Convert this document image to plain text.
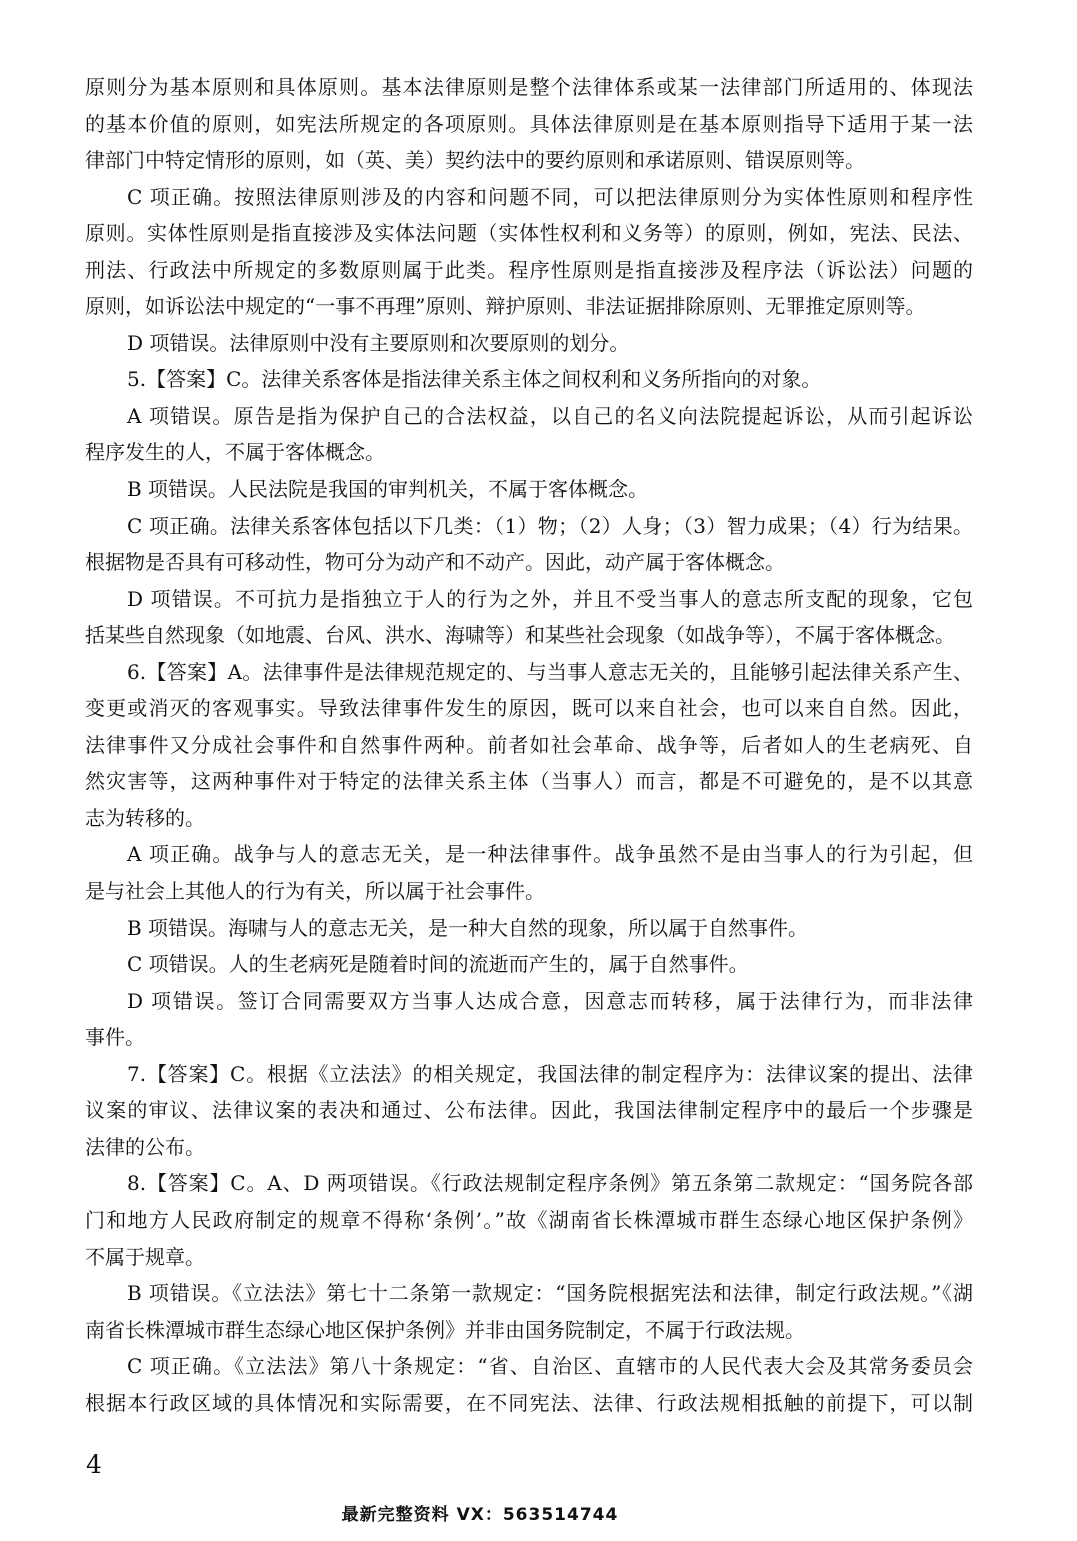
原则分为基本原则和具体原则。基本法律原则是整个法律体系或某一法律部门所适用的、体现法
的基本价值的原则，如宪法所规定的各项原则。具体法律原则是在基本原则指导下适用于某一法
律部门中特定情形的原则，如（英、美）契约法中的要约原则和承诺原则、错误原则等。
C 项正确。按照法律原则涉及的内容和问题不同，可以把法律原则分为实体性原则和程序性
原则。实体性原则是指直接涉及实体法问题（实体性权利和义务等）的原则，例如，宪法、民法、
刑法、行政法中所规定的多数原则属于此类。程序性原则是指直接涉及程序法（诉讼法）问题的
原则，如诉讼法中规定的“一事不再理”原则、辩护原则、非法证据排除原则、无罪推定原则等。
D 项错误。法律原则中没有主要原则和次要原则的划分。
5.【答案】C。法律关系客体是指法律关系主体之间权利和义务所指向的对象。
A 项错误。原告是指为保护自己的合法权益，以自己的名义向法院提起诉讼，从而引起诉讼
程序发生的人，不属于客体概念。
B 项错误。人民法院是我国的审判机关，不属于客体概念。
C 项正确。法律关系客体包括以下几类：（1）物；（2）人身；（3）智力成果；（4）行为结果。
根据物是否具有可移动性，物可分为动产和不动产。因此，动产属于客体概念。
D 项错误。不可抗力是指独立于人的行为之外，并且不受当事人的意志所支配的现象，它包
括某些自然现象（如地震、台风、洪水、海啸等）和某些社会现象（如战争等），不属于客体概念。
6.【答案】A。法律事件是法律规范规定的、与当事人意志无关的，且能够引起法律关系产生、
变更或消灭的客观事实。导致法律事件发生的原因，既可以来自社会，也可以来自自然。因此，
法律事件又分成社会事件和自然事件两种。前者如社会革命、战争等，后者如人的生老病死、自
然灾害等，这两种事件对于特定的法律关系主体（当事人）而言，都是不可避免的，是不以其意
志为转移的。
A 项正确。战争与人的意志无关，是一种法律事件。战争虽然不是由当事人的行为引起，但
是与社会上其他人的行为有关，所以属于社会事件。
B 项错误。海啸与人的意志无关，是一种大自然的现象，所以属于自然事件。
C 项错误。人的生老病死是随着时间的流逝而产生的，属于自然事件。
D 项错误。签订合同需要双方当事人达成合意，因意志而转移，属于法律行为，而非法律
事件。
7.【答案】C。根据《立法法》的相关规定，我国法律的制定程序为：法律议案的提出、法律
议案的审议、法律议案的表决和通过、公布法律。因此，我国法律制定程序中的最后一个步骤是
法律的公布。
8.【答案】C。A、D 两项错误。《行政法规制定程序条例》第五条第二款规定：“国务院各部
门和地方人民政府制定的规章不得称‘条例’。”故《湖南省长株潭城市群生态绿心地区保护条例》
不属于规章。
B 项错误。《立法法》第七十二条第一款规定：“国务院根据宪法和法律，制定行政法规。”《湖
南省长株潭城市群生态绿心地区保护条例》并非由国务院制定，不属于行政法规。
C 项正确。《立法法》第八十条规定：“省、自治区、直辖市的人民代表大会及其常务委员会
根据本行政区域的具体情况和实际需要，在不同宪法、法律、行政法规相抵触的前提下，可以制
4
最新完整资料 VX：563514744
